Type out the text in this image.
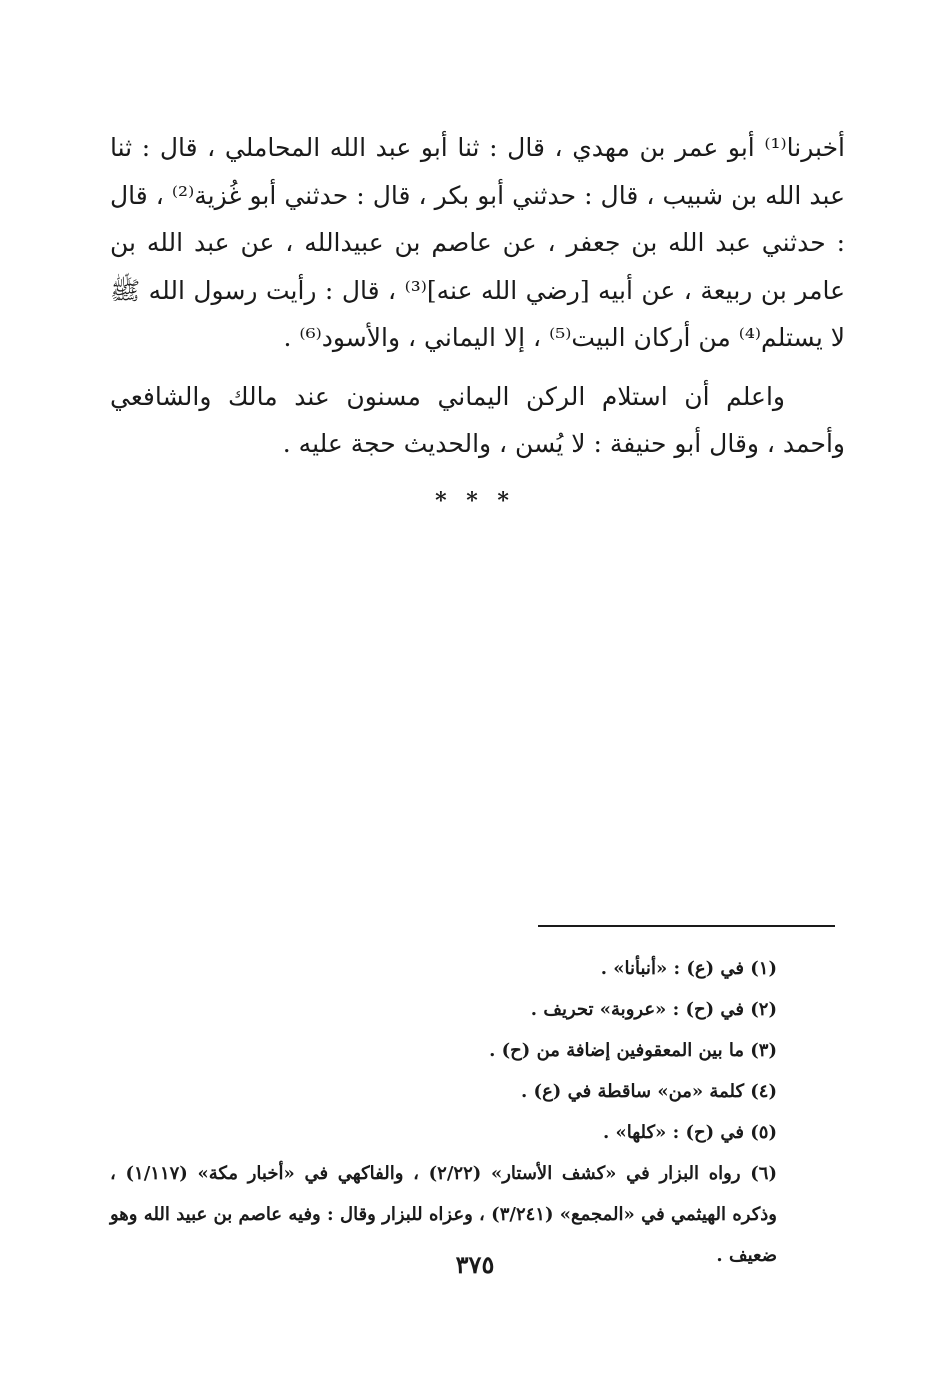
أخبرنا⁽¹⁾ أبو عمر بن مهدي ، قال : ثنا أبو عبد الله المحاملي ، قال : ثنا عبد الله بن شبيب ، قال : حدثني أبو بكر ، قال : حدثني أبو غُزية⁽²⁾ ، قال : حدثني عبد الله بن جعفر ، عن عاصم بن عبيدالله ، عن عبد الله بن عامر بن ربيعة ، عن أبيه [رضي الله عنه]⁽³⁾ ، قال : رأيت رسول الله ﷺ لا يستلم⁽⁴⁾ من أركان البيت⁽⁵⁾ ، إلا اليماني ، والأسود⁽⁶⁾ .

واعلم أن استلام الركن اليماني مسنون عند مالك والشافعي وأحمد ، وقال أبو حنيفة : لا يُسن ، والحديث حجة عليه .

* * *

(١) في (ع) : «أنبأنا» .

(٢) في (ح) : «عروبة» تحريف .

(٣) ما بين المعقوفين إضافة من (ح) .

(٤) كلمة «من» ساقطة في (ع) .

(٥) في (ح) : «كلها» .

(٦) رواه البزار في «كشف الأستار» (٢/٢٢) ، والفاكهي في «أخبار مكة» (١/١١٧) ، وذكره الهيثمي في «المجمع» (٣/٢٤١) ، وعزاه للبزار وقال : وفيه عاصم بن عبيد الله وهو ضعيف .

٣٧٥
